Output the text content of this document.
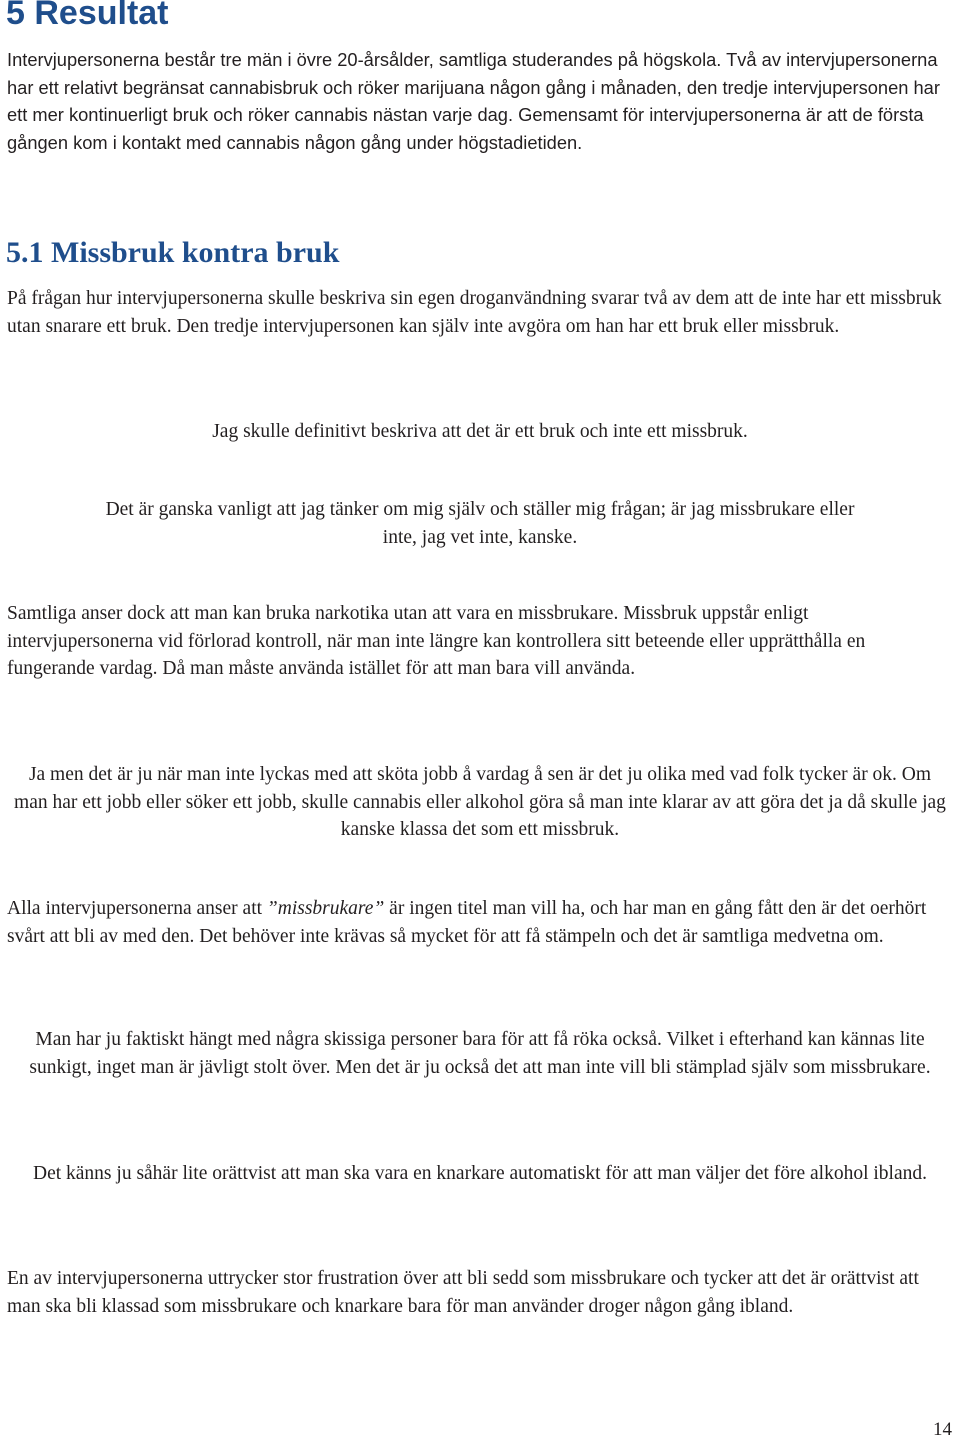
5 Resultat

Intervjupersonerna består tre män i övre 20-årsålder, samtliga studerandes på högskola. Två av intervjupersonerna har ett relativt begränsat cannabisbruk och röker marijuana någon gång i månaden, den tredje intervjupersonen har ett mer kontinuerligt bruk och röker cannabis nästan varje dag. Gemensamt för intervjupersonerna är att de första gången kom i kontakt med cannabis någon gång under högstadietiden.

5.1 Missbruk kontra bruk

På frågan hur intervjupersonerna skulle beskriva sin egen droganvändning svarar två av dem att de inte har ett missbruk utan snarare ett bruk. Den tredje intervjupersonen kan själv inte avgöra om han har ett bruk eller missbruk.

Jag skulle definitivt beskriva att det är ett bruk och inte ett missbruk.

Det är ganska vanligt att jag tänker om mig själv och ställer mig frågan; är jag missbrukare eller inte, jag vet inte, kanske.

Samtliga anser dock att man kan bruka narkotika utan att vara en missbrukare. Missbruk uppstår enligt intervjupersonerna vid förlorad kontroll, när man inte längre kan kontrollera sitt beteende eller upprätthålla en fungerande vardag. Då man måste använda istället för att man bara vill använda.

Ja men det är ju när man inte lyckas med att sköta jobb å vardag å sen är det ju olika med vad folk tycker är ok. Om man har ett jobb eller söker ett jobb, skulle cannabis eller alkohol göra så man inte klarar av att göra det ja då skulle jag kanske klassa det som ett missbruk.

Alla intervjupersonerna anser att ”missbrukare” är ingen titel man vill ha, och har man en gång fått den är det oerhört svårt att bli av med den. Det behöver inte krävas så mycket för att få stämpeln och det är samtliga medvetna om.

Man har ju faktiskt hängt med några skissiga personer bara för att få röka också. Vilket i efterhand kan kännas lite sunkigt, inget man är jävligt stolt över. Men det är ju också det att man inte vill bli stämplad själv som missbrukare.

Det känns ju såhär lite orättvist att man ska vara en knarkare automatiskt för att man väljer det före alkohol ibland.

En av intervjupersonerna uttrycker stor frustration över att bli sedd som missbrukare och tycker att det är orättvist att man ska bli klassad som missbrukare och knarkare bara för man använder droger någon gång ibland.

14
